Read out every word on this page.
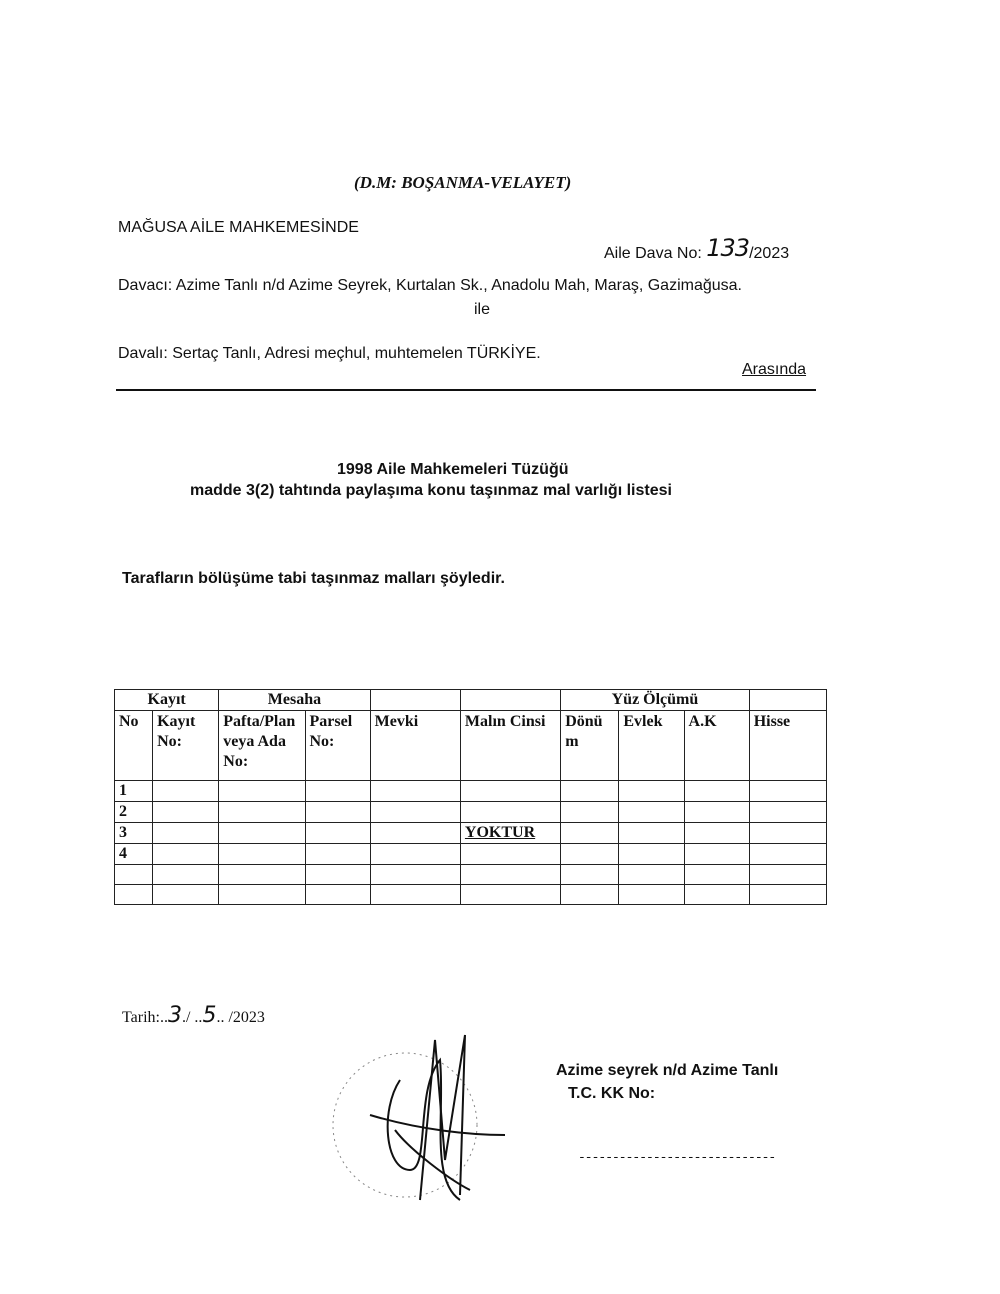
(D.M: BOŞANMA-VELAYET)
MAĞUSA AİLE MAHKEMESİNDE
Aile Dava No: 133/2023
Davacı: Azime Tanlı n/d Azime Seyrek, Kurtalan Sk., Anadolu Mah, Maraş, Gazimağusa.
ile
Davalı: Sertaç Tanlı, Adresi meçhul, muhtemelen TÜRKİYE.
Arasında
1998 Aile Mahkemeleri Tüzüğü
madde 3(2) tahtında paylaşıma konu taşınmaz mal varlığı listesi
Tarafların bölüşüme tabi taşınmaz malları şöyledir.
Kayıt		Mesaha				Yüz Ölçümü			
No	Kayıt No:	Pafta/Plan veya Ada No:	Parsel No:	Mevki	Malın Cinsi	Dönüm	Evlek	A.K	Hisse
1									
2									
3					YOKTUR				
4									

Tarih:..3./ ..5.. /2023
Azime seyrek n/d Azime Tanlı
T.C. KK No:
-----------------------------
